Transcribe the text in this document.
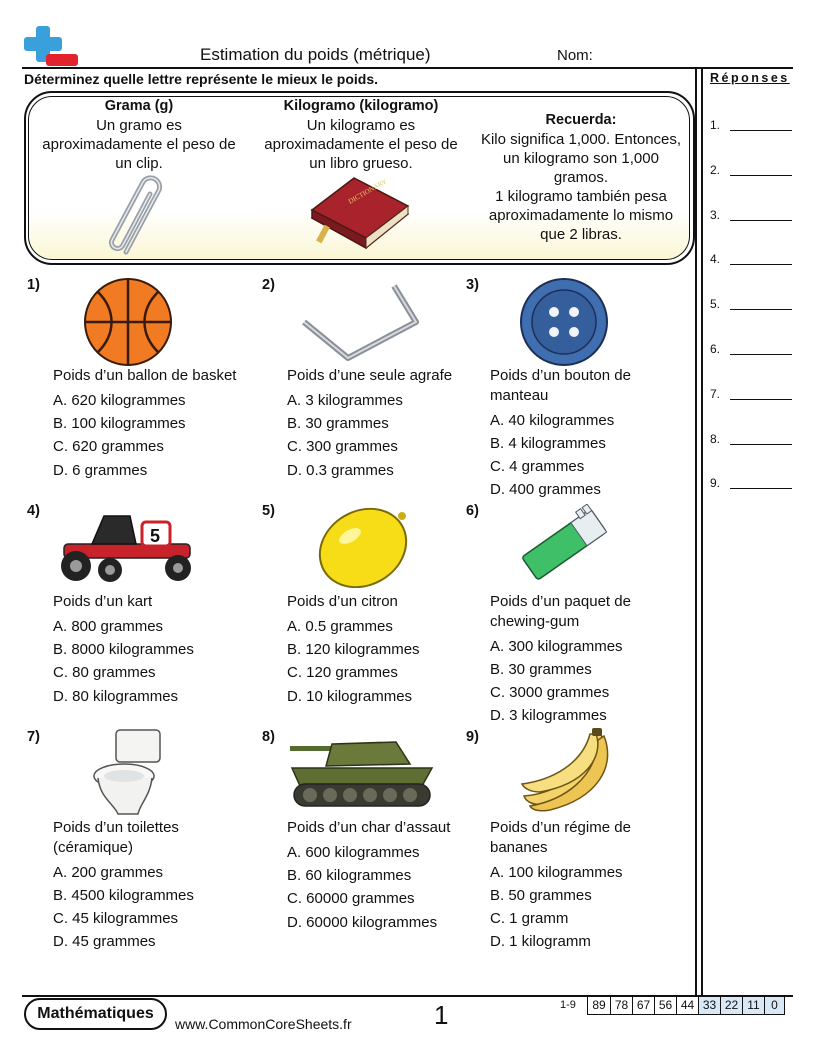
Estimation du poids (métrique)	Nom:
Déterminez quelle lettre représente le mieux le poids.	Réponses
1.
2.
3.
4.
5.
6.
7.
8.
9.
Grama (g)
Un gramo es
aproximadamente el peso de
un clip.
Kilogramo (kilogramo)
Un kilogramo es
aproximadamente el peso de
un libro grueso.
DICTIONARY
Recuerda:
Kilo significa 1,000. Entonces,
un kilogramo son 1,000
gramos.
1 kilogramo también pesa
aproximadamente lo mismo
que 2 libras.
5
1)
Poids d’un ballon de basket
A. 620 kilogrammes
B. 100 kilogrammes
C. 620 grammes
D. 6 grammes
2)
Poids d’une seule agrafe
A. 3 kilogrammes
B. 30 grammes
C. 300 grammes
D. 0.3 grammes
3)
Poids d’un bouton de
manteau
A. 40 kilogrammes
B. 4 kilogrammes
C. 4 grammes
D. 400 grammes
4)
Poids d’un kart
A. 800 grammes
B. 8000 kilogrammes
C. 80 grammes
D. 80 kilogrammes
5)
Poids d’un citron
A. 0.5 grammes
B. 120 kilogrammes
C. 120 grammes
D. 10 kilogrammes
6)
Poids d’un paquet de
chewing-gum
A. 300 kilogrammes
B. 30 grammes
C. 3000 grammes
D. 3 kilogrammes
7)
Poids d’un toilettes
(céramique)
A. 200 grammes
B. 4500 kilogrammes
C. 45 kilogrammes
D. 45 grammes
8)
Poids d’un char d’assaut
A. 600 kilogrammes
B. 60 kilogrammes
C. 60000 grammes
D. 60000 kilogrammes
9)
Poids d’un régime de
bananes
A. 100 kilogrammes
B. 50 grammes
C. 1 gramm
D. 1 kilogramm
Mathématiques
www.CommonCoreSheets.fr	1	1-9	89 78 67 56 44 33 22 11 0
